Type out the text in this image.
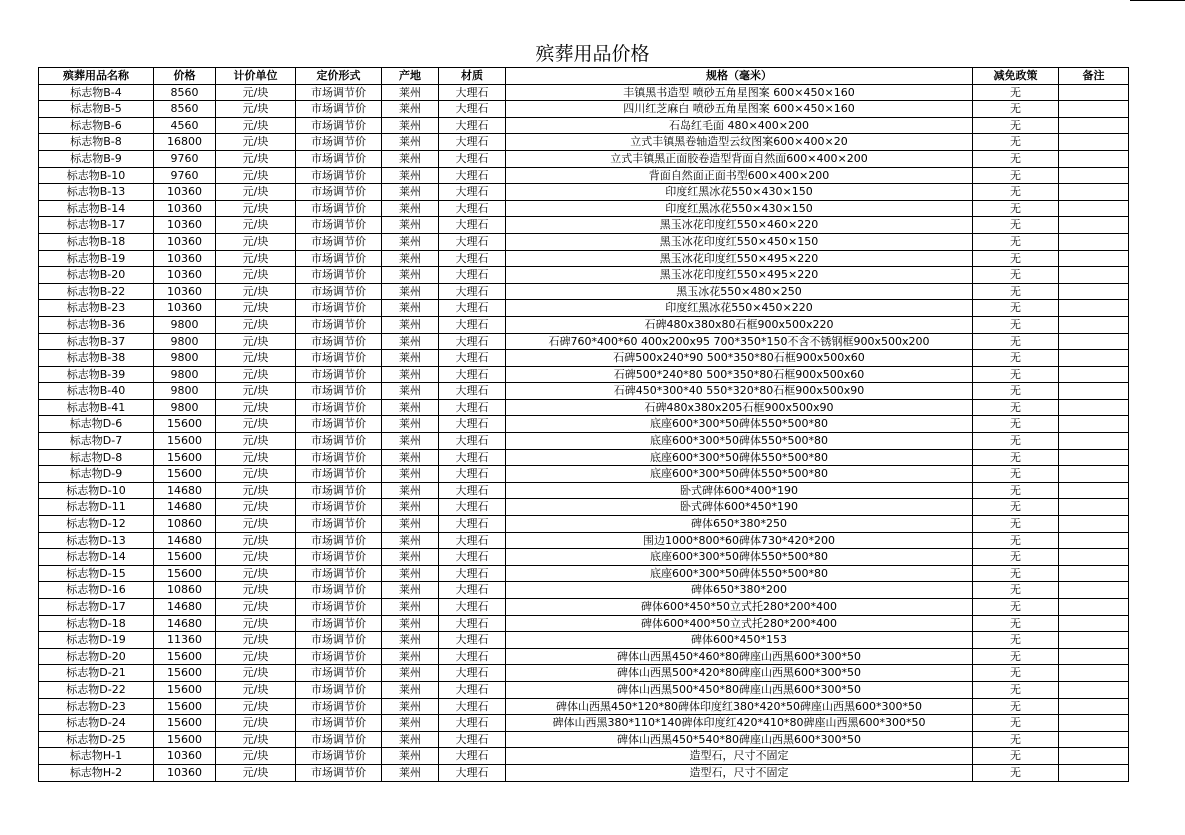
殡葬用品价格
殡葬用品名称	价格	计价单位	定价形式	产地	材质	规格（毫米）	减免政策	备注
标志物B-4	8560	元/块	市场调节价	莱州	大理石	丰镇黑书造型 喷砂五角星图案 600×450×160	无	
标志物B-5	8560	元/块	市场调节价	莱州	大理石	四川红芝麻白 喷砂五角星图案 600×450×160	无	
标志物B-6	4560	元/块	市场调节价	莱州	大理石	石岛红毛面 480×400×200	无	
标志物B-8	16800	元/块	市场调节价	莱州	大理石	立式丰镇黑卷轴造型云纹图案600×400×20	无	
标志物B-9	9760	元/块	市场调节价	莱州	大理石	立式丰镇黑正面胶卷造型背面自然面600×400×200	无	
标志物B-10	9760	元/块	市场调节价	莱州	大理石	背面自然面正面书型600×400×200	无	
标志物B-13	10360	元/块	市场调节价	莱州	大理石	印度红黑冰花550×430×150	无	
标志物B-14	10360	元/块	市场调节价	莱州	大理石	印度红黑冰花550×430×150	无	
标志物B-17	10360	元/块	市场调节价	莱州	大理石	黑玉冰花印度红550×460×220	无	
标志物B-18	10360	元/块	市场调节价	莱州	大理石	黑玉冰花印度红550×450×150	无	
标志物B-19	10360	元/块	市场调节价	莱州	大理石	黑玉冰花印度红550×495×220	无	
标志物B-20	10360	元/块	市场调节价	莱州	大理石	黑玉冰花印度红550×495×220	无	
标志物B-22	10360	元/块	市场调节价	莱州	大理石	黑玉冰花550×480×250	无	
标志物B-23	10360	元/块	市场调节价	莱州	大理石	印度红黑冰花550×450×220	无	
标志物B-36	9800	元/块	市场调节价	莱州	大理石	石碑480x380x80石框900x500x220	无	
标志物B-37	9800	元/块	市场调节价	莱州	大理石	石碑760*400*60 400x200x95 700*350*150不含不锈钢框900x500x200	无	
标志物B-38	9800	元/块	市场调节价	莱州	大理石	石碑500x240*90 500*350*80石框900x500x60	无	
标志物B-39	9800	元/块	市场调节价	莱州	大理石	石碑500*240*80 500*350*80石框900x500x60	无	
标志物B-40	9800	元/块	市场调节价	莱州	大理石	石碑450*300*40 550*320*80石框900x500x90	无	
标志物B-41	9800	元/块	市场调节价	莱州	大理石	石碑480x380x205石框900x500x90	无	
标志物D-6	15600	元/块	市场调节价	莱州	大理石	底座600*300*50碑体550*500*80	无	
标志物D-7	15600	元/块	市场调节价	莱州	大理石	底座600*300*50碑体550*500*80	无	
标志物D-8	15600	元/块	市场调节价	莱州	大理石	底座600*300*50碑体550*500*80	无	
标志物D-9	15600	元/块	市场调节价	莱州	大理石	底座600*300*50碑体550*500*80	无	
标志物D-10	14680	元/块	市场调节价	莱州	大理石	卧式碑体600*400*190	无	
标志物D-11	14680	元/块	市场调节价	莱州	大理石	卧式碑体600*450*190	无	
标志物D-12	10860	元/块	市场调节价	莱州	大理石	碑体650*380*250	无	
标志物D-13	14680	元/块	市场调节价	莱州	大理石	围边1000*800*60碑体730*420*200	无	
标志物D-14	15600	元/块	市场调节价	莱州	大理石	底座600*300*50碑体550*500*80	无	
标志物D-15	15600	元/块	市场调节价	莱州	大理石	底座600*300*50碑体550*500*80	无	
标志物D-16	10860	元/块	市场调节价	莱州	大理石	碑体650*380*200	无	
标志物D-17	14680	元/块	市场调节价	莱州	大理石	碑体600*450*50立式托280*200*400	无	
标志物D-18	14680	元/块	市场调节价	莱州	大理石	碑体600*400*50立式托280*200*400	无	
标志物D-19	11360	元/块	市场调节价	莱州	大理石	碑体600*450*153	无	
标志物D-20	15600	元/块	市场调节价	莱州	大理石	碑体山西黑450*460*80碑座山西黑600*300*50	无	
标志物D-21	15600	元/块	市场调节价	莱州	大理石	碑体山西黑500*420*80碑座山西黑600*300*50	无	
标志物D-22	15600	元/块	市场调节价	莱州	大理石	碑体山西黑500*450*80碑座山西黑600*300*50	无	
标志物D-23	15600	元/块	市场调节价	莱州	大理石	碑体山西黑450*120*80碑体印度红380*420*50碑座山西黑600*300*50	无	
标志物D-24	15600	元/块	市场调节价	莱州	大理石	碑体山西黑380*110*140碑体印度红420*410*80碑座山西黑600*300*50	无	
标志物D-25	15600	元/块	市场调节价	莱州	大理石	碑体山西黑450*540*80碑座山西黑600*300*50	无	
标志物H-1	10360	元/块	市场调节价	莱州	大理石	造型石，尺寸不固定	无	
标志物H-2	10360	元/块	市场调节价	莱州	大理石	造型石，尺寸不固定	无	
